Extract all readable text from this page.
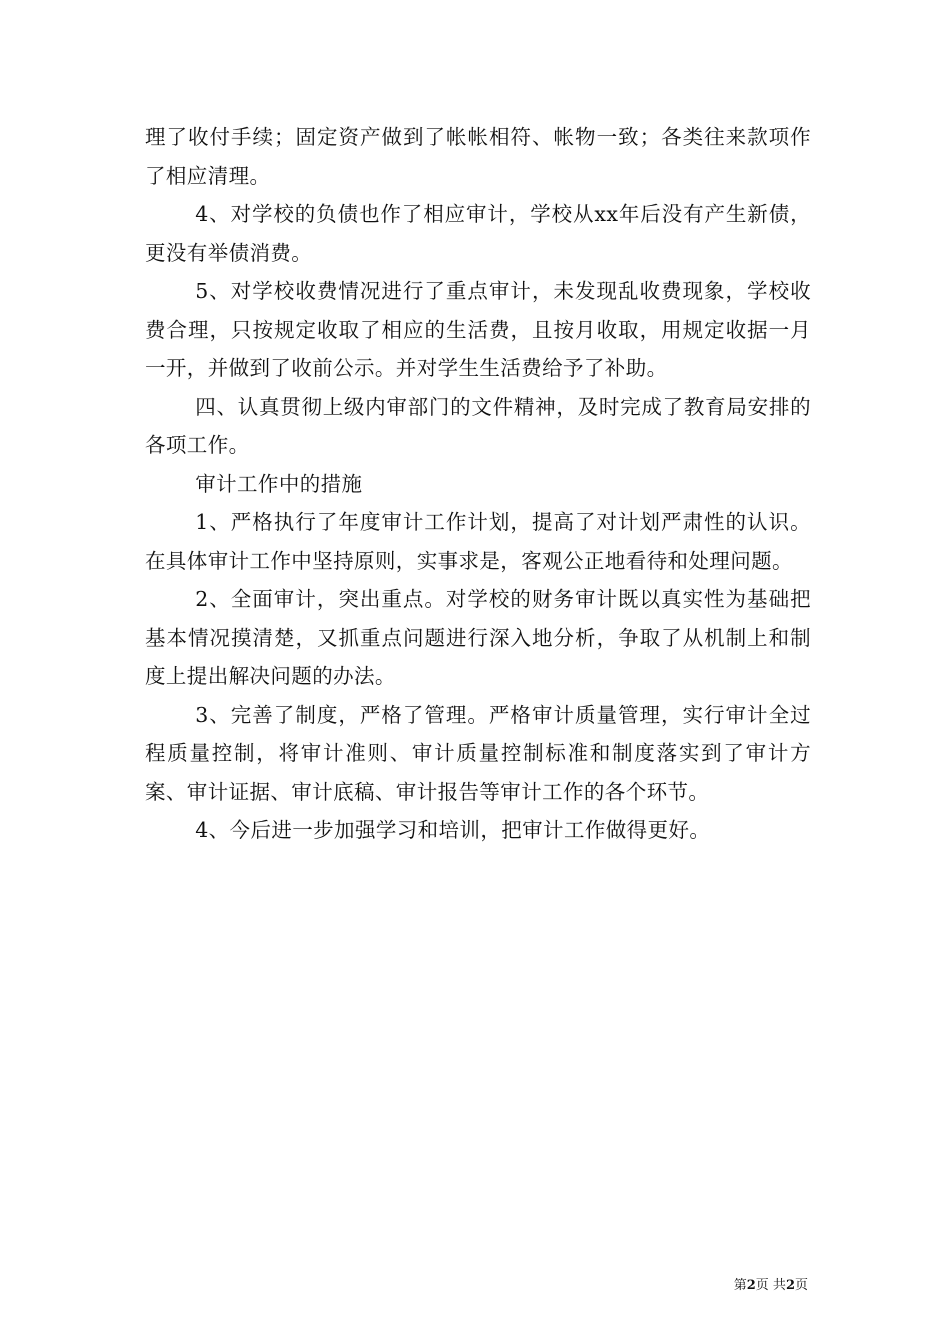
理了收付手续；固定资产做到了帐帐相符、帐物一致；各类往来款项作了相应清理。

4、对学校的负债也作了相应审计，学校从xx年后没有产生新债，更没有举债消费。

5、对学校收费情况进行了重点审计，未发现乱收费现象，学校收费合理，只按规定收取了相应的生活费，且按月收取，用规定收据一月一开，并做到了收前公示。并对学生生活费给予了补助。

四、认真贯彻上级内审部门的文件精神，及时完成了教育局安排的各项工作。

审计工作中的措施

1、严格执行了年度审计工作计划，提高了对计划严肃性的认识。在具体审计工作中坚持原则，实事求是，客观公正地看待和处理问题。

2、全面审计，突出重点。对学校的财务审计既以真实性为基础把基本情况摸清楚，又抓重点问题进行深入地分析，争取了从机制上和制度上提出解决问题的办法。

3、完善了制度，严格了管理。严格审计质量管理，实行审计全过程质量控制，将审计准则、审计质量控制标准和制度落实到了审计方案、审计证据、审计底稿、审计报告等审计工作的各个环节。

4、今后进一步加强学习和培训，把审计工作做得更好。

第2页 共2页
